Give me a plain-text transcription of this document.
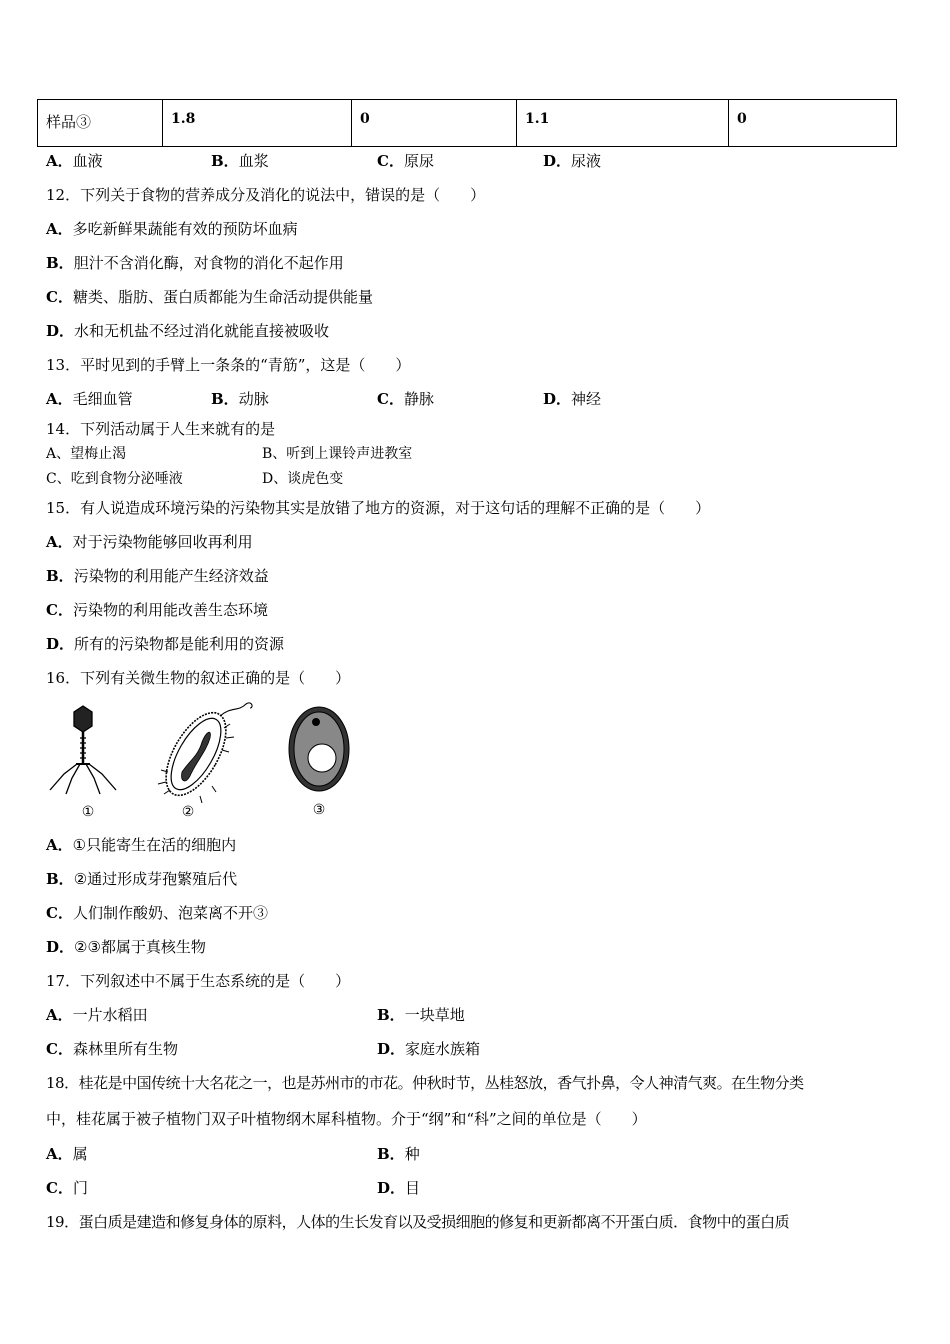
样品③	1.8	0	1.1	0
A．血液	B．血浆	C．原尿	D．尿液
12．下列关于食物的营养成分及消化的说法中，错误的是（　　）
A．多吃新鲜果蔬能有效的预防坏血病
B．胆汁不含消化酶，对食物的消化不起作用
C．糖类、脂肪、蛋白质都能为生命活动提供能量
D．水和无机盐不经过消化就能直接被吸收
13．平时见到的手臂上一条条的“青筋”，这是（　　）
A．毛细血管	B．动脉	C．静脉	D．神经
14．下列活动属于人生来就有的是
A、望梅止渴	B、听到上课铃声进教室
C、吃到食物分泌唾液	D、谈虎色变
15．有人说造成环境污染的污染物其实是放错了地方的资源，对于这句话的理解不正确的是（　　）
A．对于污染物能够回收再利用
B．污染物的利用能产生经济效益
C．污染物的利用能改善生态环境
D．所有的污染物都是能利用的资源
16．下列有关微生物的叙述正确的是（　　）
①	②	③
A．①只能寄生在活的细胞内
B．②通过形成芽孢繁殖后代
C．人们制作酸奶、泡菜离不开③
D．②③都属于真核生物
17．下列叙述中不属于生态系统的是（　　）
A．一片水稻田	B．一块草地
C．森林里所有生物	D．家庭水族箱
18．桂花是中国传统十大名花之一，也是苏州市的市花。仲秋时节，丛桂怒放，香气扑鼻，令人神清气爽。在生物分类
中，桂花属于被子植物门双子叶植物纲木犀科植物。介于“纲”和“科”之间的单位是（　　）
A．属	B．种
C．门	D．目
19．蛋白质是建造和修复身体的原料，人体的生长发育以及受损细胞的修复和更新都离不开蛋白质．食物中的蛋白质
